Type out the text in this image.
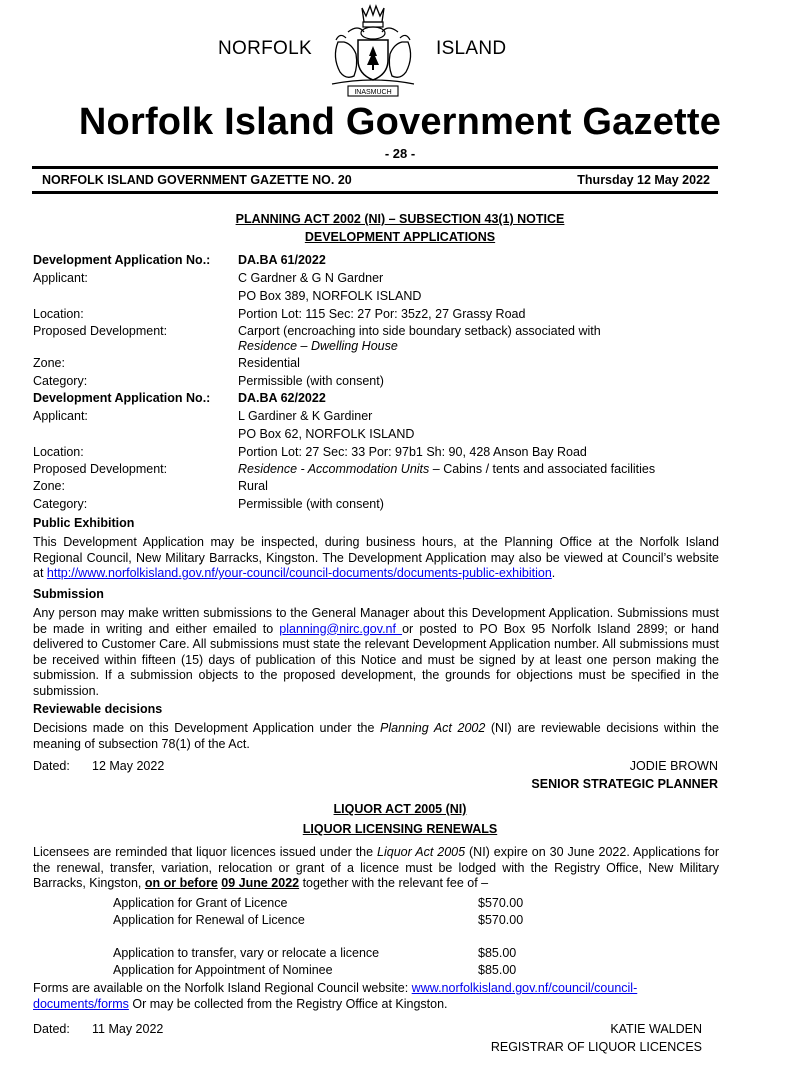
NORFOLK	ISLAND
INASMUCH
Norfolk Island Government Gazette
- 28 -
NORFOLK ISLAND GOVERNMENT GAZETTE NO. 20	Thursday 12 May 2022
PLANNING ACT 2002 (NI) – SUBSECTION 43(1) NOTICE
DEVELOPMENT APPLICATIONS
Development Application No.: DA.BA 61/2022
Applicant:	C Gardner & G N Gardner
PO Box 389, NORFOLK ISLAND
Location:	Portion Lot: 115 Sec: 27 Por: 35z2, 27 Grassy Road
Proposed Development:	Carport (encroaching into side boundary setback) associated with
Residence – Dwelling House
Zone:	Residential
Category:	Permissible (with consent)
Development Application No.: DA.BA 62/2022
Applicant:	L Gardiner & K Gardiner
PO Box 62, NORFOLK ISLAND
Location:	Portion Lot: 27 Sec: 33 Por: 97b1 Sh: 90, 428 Anson Bay Road
Proposed Development:	Residence - Accommodation Units – Cabins / tents and associated facilities
Zone:	Rural
Category:	Permissible (with consent)
Public Exhibition
This Development Application may be inspected, during business hours, at the Planning Office at the Norfolk Island Regional Council, New Military Barracks, Kingston. The Development Application may also be viewed at Council’s website at http://www.norfolkisland.gov.nf/your-council/council-documents/documents-public-exhibition.
Submission
Any person may make written submissions to the General Manager about this Development Application. Submissions must be made in writing and either emailed to planning@nirc.gov.nf or posted to PO Box 95 Norfolk Island 2899; or hand delivered to Customer Care. All submissions must state the relevant Development Application number. All submissions must be received within fifteen (15) days of publication of this Notice and must be signed by at least one person making the submission. If a submission objects to the proposed development, the grounds for objections must be specified in the submission.
Reviewable decisions
Decisions made on this Development Application under the Planning Act 2002 (NI) are reviewable decisions within the meaning of subsection 78(1) of the Act.
Dated: 12 May 2022	JODIE BROWN
SENIOR STRATEGIC PLANNER
LIQUOR ACT 2005 (NI)
LIQUOR LICENSING RENEWALS
Licensees are reminded that liquor licences issued under the Liquor Act 2005 (NI) expire on 30 June 2022. Applications for the renewal, transfer, variation, relocation or grant of a licence must be lodged with the Registry Office, New Military Barracks, Kingston, on or before 09 June 2022 together with the relevant fee of –
Application for Grant of Licence	$570.00
Application for Renewal of Licence	$570.00
Application to transfer, vary or relocate a licence	$85.00
Application for Appointment of Nominee	$85.00
Forms are available on the Norfolk Island Regional Council website: www.norfolkisland.gov.nf/council/council-documents/forms Or may be collected from the Registry Office at Kingston.
Dated: 11 May 2022	KATIE WALDEN
REGISTRAR OF LIQUOR LICENCES
